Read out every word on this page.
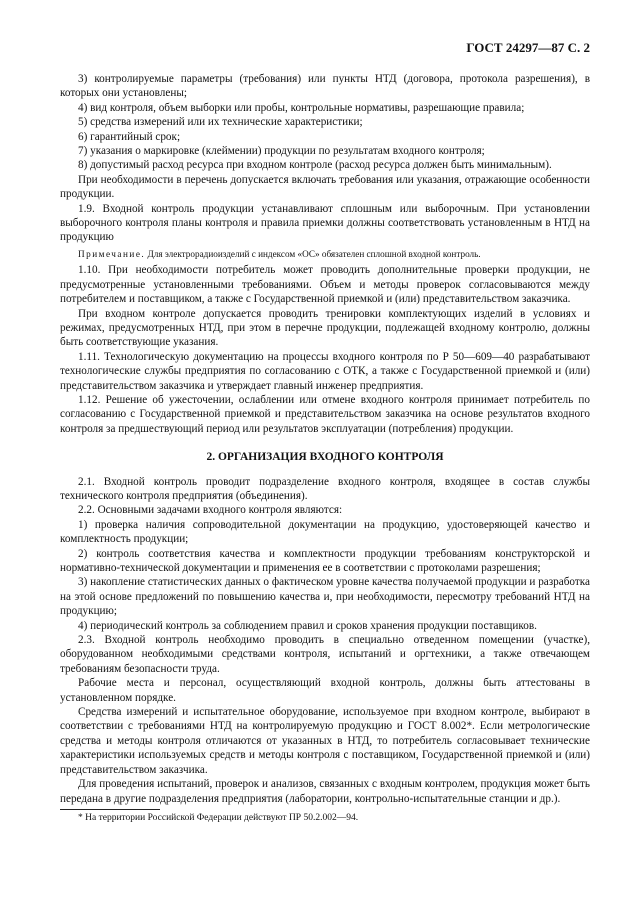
ГОСТ 24297—87 С. 2

3) контролируемые параметры (требования) или пункты НТД (договора, протокола разрешения), в которых они установлены;

4) вид контроля, объем выборки или пробы, контрольные нормативы, разрешающие правила;

5) средства измерений или их технические характеристики;

6) гарантийный срок;

7) указания о маркировке (клеймении) продукции по результатам входного контроля;

8) допустимый расход ресурса при входном контроле (расход ресурса должен быть минимальным).

При необходимости в перечень допускается включать требования или указания, отражающие особенности продукции.

1.9. Входной контроль продукции устанавливают сплошным или выборочным. При установлении выборочного контроля планы контроля и правила приемки должны соответствовать установленным в НТД на продукцию

Примечание. Для электрорадиоизделий с индексом «ОС» обязателен сплошной входной контроль.

1.10. При необходимости потребитель может проводить дополнительные проверки продукции, не предусмотренные установленными требованиями. Объем и методы проверок согласовываются между потребителем и поставщиком, а также с Государственной приемкой и (или) представительством заказчика.

При входном контроле допускается проводить тренировки комплектующих изделий в условиях и режимах, предусмотренных НТД, при этом в перечне продукции, подлежащей входному контролю, должны быть соответствующие указания.

1.11. Технологическую документацию на процессы входного контроля по Р 50—609—40 разрабатывают технологические службы предприятия по согласованию с ОТК, а также с Государственной приемкой и (или) представительством заказчика и утверждает главный инженер предприятия.

1.12. Решение об ужесточении, ослаблении или отмене входного контроля принимает потребитель по согласованию с Государственной приемкой и представительством заказчика на основе результатов входного контроля за предшествующий период или результатов эксплуатации (потребления) продукции.

2. ОРГАНИЗАЦИЯ ВХОДНОГО КОНТРОЛЯ

2.1. Входной контроль проводит подразделение входного контроля, входящее в состав службы технического контроля предприятия (объединения).

2.2. Основными задачами входного контроля являются:

1) проверка наличия сопроводительной документации на продукцию, удостоверяющей качество и комплектность продукции;

2) контроль соответствия качества и комплектности продукции требованиям конструкторской и нормативно-технической документации и применения ее в соответствии с протоколами разрешения;

3) накопление статистических данных о фактическом уровне качества получаемой продукции и разработка на этой основе предложений по повышению качества и, при необходимости, пересмотру требований НТД на продукцию;

4) периодический контроль за соблюдением правил и сроков хранения продукции поставщиков.

2.3. Входной контроль необходимо проводить в специально отведенном помещении (участке), оборудованном необходимыми средствами контроля, испытаний и оргтехники, а также отвечающем требованиям безопасности труда.

Рабочие места и персонал, осуществляющий входной контроль, должны быть аттестованы в установленном порядке.

Средства измерений и испытательное оборудование, используемое при входном контроле, выбирают в соответствии с требованиями НТД на контролируемую продукцию и ГОСТ 8.002*. Если метрологические средства и методы контроля отличаются от указанных в НТД, то потребитель согласовывает технические характеристики используемых средств и методы контроля с поставщиком, Государственной приемкой и (или) представительством заказчика.

Для проведения испытаний, проверок и анализов, связанных с входным контролем, продукция может быть передана в другие подразделения предприятия (лаборатории, контрольно-испытательные станции и др.).

* На территории Российской Федерации действуют ПР 50.2.002—94.
